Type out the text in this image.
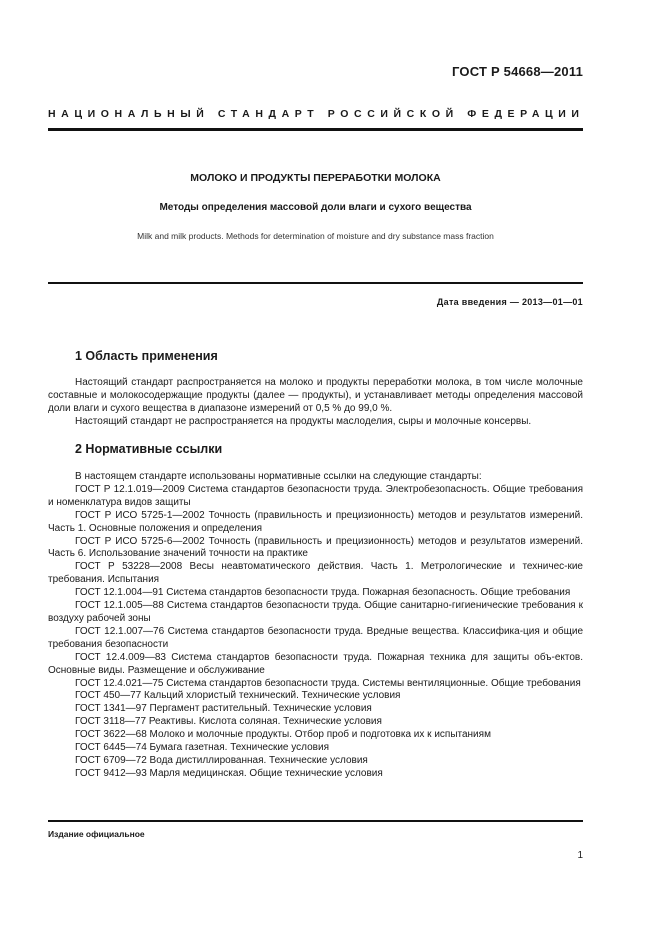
ГОСТ Р 54668—2011
НАЦИОНАЛЬНЫЙ СТАНДАРТ РОССИЙСКОЙ ФЕДЕРАЦИИ
МОЛОКО И ПРОДУКТЫ ПЕРЕРАБОТКИ МОЛОКА
Методы определения массовой доли влаги и сухого вещества
Milk and milk products. Methods for determination of moisture and dry substance mass fraction
Дата введения — 2013—01—01
1 Область применения

Настоящий стандарт распространяется на молоко и продукты переработки молока, в том числе молочные составные и молокосодержащие продукты (далее — продукты), и устанавливает методы определения массовой доли влаги и сухого вещества в диапазоне измерений от 0,5 % до 99,0 %.

Настоящий стандарт не распространяется на продукты маслоделия, сыры и молочные консервы.

2 Нормативные ссылки

В настоящем стандарте использованы нормативные ссылки на следующие стандарты:

ГОСТ Р 12.1.019—2009 Система стандартов безопасности труда. Электробезопасность. Общие требования и номенклатура видов защиты

ГОСТ Р ИСО 5725-1—2002 Точность (правильность и прецизионность) методов и результатов измерений. Часть 1. Основные положения и определения

ГОСТ Р ИСО 5725-6—2002 Точность (правильность и прецизионность) методов и результатов измерений. Часть 6. Использование значений точности на практике

ГОСТ Р 53228—2008 Весы неавтоматического действия. Часть 1. Метрологические и техничес-кие требования. Испытания

ГОСТ 12.1.004—91 Система стандартов безопасности труда. Пожарная безопасность. Общие требования

ГОСТ 12.1.005—88 Система стандартов безопасности труда. Общие санитарно-гигиенические требования к воздуху рабочей зоны

ГОСТ 12.1.007—76 Система стандартов безопасности труда. Вредные вещества. Классифика-ция и общие требования безопасности

ГОСТ 12.4.009—83 Система стандартов безопасности труда. Пожарная техника для защиты объ-ектов. Основные виды. Размещение и обслуживание

ГОСТ 12.4.021—75 Система стандартов безопасности труда. Системы вентиляционные. Общие требования

ГОСТ 450—77 Кальций хлористый технический. Технические условия

ГОСТ 1341—97 Пергамент растительный. Технические условия

ГОСТ 3118—77 Реактивы. Кислота соляная. Технические условия

ГОСТ 3622—68 Молоко и молочные продукты. Отбор проб и подготовка их к испытаниям

ГОСТ 6445—74 Бумага газетная. Технические условия

ГОСТ 6709—72 Вода дистиллированная. Технические условия

ГОСТ 9412—93 Марля медицинская. Общие технические условия

Издание официальное
1
